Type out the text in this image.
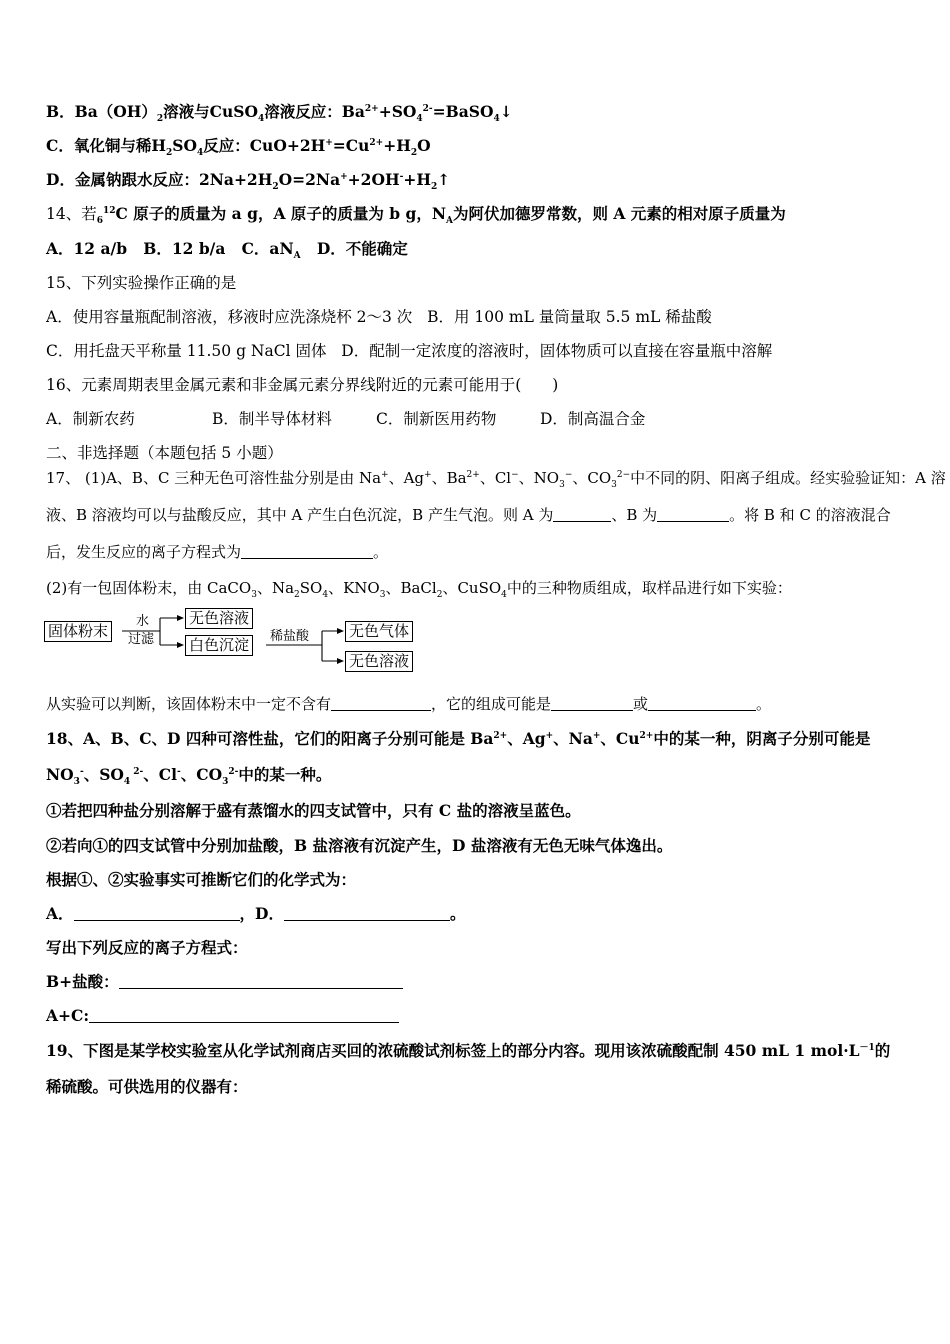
B．$Ba(OH)_2$溶液与CuSO$_4$溶液反应：$Ba^{2+}+SO_4^{2-}=BaSO_4↓$
C．氧化铜与稀$H_2SO_4$反应：$CuO+2H^+=Cu^{2+}+H_2O$
D．金属钠跟水反应：$2Na+2H_2O=2Na^++2OH^-+H_2↑$
14、若$_6^{12}$C 原子的质量为 a g，A 原子的质量为 b g，$N_A$为阿伏加德罗常数，则 A 元素的相对原子质量为
A．12 a/b B．12 b/a C．$aN_A$ D．不能确定
15、下列实验操作正确的是
A．使用容量瓶配制溶液，移液时应洗涤烧杯 2～3 次 B．用 100 mL 量筒量取 5.5 mL 稀盐酸
C．用托盘天平称量 11.50 g NaCl 固体 D．配制一定浓度的溶液时，固体物质可以直接在容量瓶中溶解
16、元素周期表里金属元素和非金属元素分界线附近的元素可能用于(　　)
A．制新农药	B．制半导体材料	C．制新医用药物	D．制高温合金
二、非选择题（本题包括 5 小题）
17、 (1)A、B、C 三种无色可溶性盐分别是由 Na+、Ag+、$Ba^{2+}$、Cl−、$NO_3^-$、$CO_3^{2-}$中不同的阴、阳离子组成。经实验验证知：A 溶
液、B 溶液均可以与盐酸反应，其中 A 产生白色沉淀，B 产生气泡。则 A 为	、B 为	。将 B 和 C 的溶液混合
后，发生反应的离子方程式为	。
(2)有一包固体粉末，由 CaCO$_3$、$Na_2SO_4$、$KNO_3$、BaCl$_2$、CuSO$_4$中的三种物质组成，取样品进行如下实验：
固体粉末
水
过滤
无色溶液
白色沉淀	稀盐酸	无色气体
无色溶液
从实验可以判断，该固体粉末中一定不含有	，它的组成可能是	或	。
18、A、B、C、D 四种可溶性盐，它们的阳离子分别可能是 $Ba^{2+}$、Ag+、Na+、$Cu^{2+}$中的某一种，阴离子分别可能是
$NO_3^-$、$SO_4$ $^{2-}$、Cl-、$CO_3^{2-}$中的某一种。
①若把四种盐分别溶解于盛有蒸馏水的四支试管中，只有 C 盐的溶液呈蓝色。
②若向①的四支试管中分别加盐酸，B 盐溶液有沉淀产生，D 盐溶液有无色无味气体逸出。
根据①、②实验事实可推断它们的化学式为：
A．	，D．	。
写出下列反应的离子方程式：
B+盐酸：
A+C:
19、下图是某学校实验室从化学试剂商店买回的浓硫酸试剂标签上的部分内容。现用该浓硫酸配制 450 mL 1 $mol\cdot L^{-1}$的
稀硫酸。可供选用的仪器有：
